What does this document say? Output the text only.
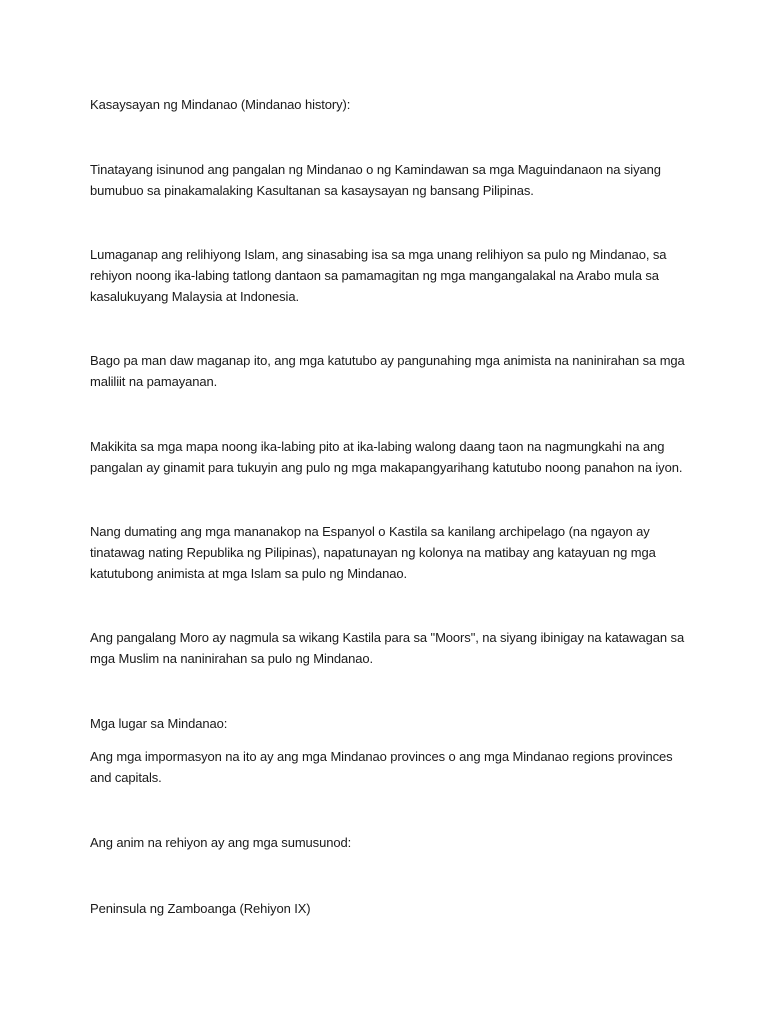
Kasaysayan ng Mindanao (Mindanao history):

Tinatayang isinunod ang pangalan ng Mindanao o ng Kamindawan sa mga Maguindanaon na siyang bumubuo sa pinakamalaking Kasultanan sa kasaysayan ng bansang Pilipinas.

Lumaganap ang relihiyong Islam, ang sinasabing isa sa mga unang relihiyon sa pulo ng Mindanao, sa rehiyon noong ika-labing tatlong dantaon sa pamamagitan ng mga mangangalakal na Arabo mula sa kasalukuyang Malaysia at Indonesia.

Bago pa man daw maganap ito, ang mga katutubo ay pangunahing mga animista na naninirahan sa mga maliliit na pamayanan.

Makikita sa mga mapa noong ika-labing pito at ika-labing walong daang taon na nagmungkahi na ang pangalan ay ginamit para tukuyin ang pulo ng mga makapangyarihang katutubo noong panahon na iyon.

Nang dumating ang mga mananakop na Espanyol o Kastila sa kanilang archipelago (na ngayon ay tinatawag nating Republika ng Pilipinas), napatunayan ng kolonya na matibay ang katayuan ng mga katutubong animista at mga Islam sa pulo ng Mindanao.

Ang pangalang Moro ay nagmula sa wikang Kastila para sa "Moors", na siyang ibinigay na katawagan sa mga Muslim na naninirahan sa pulo ng Mindanao.

Mga lugar sa Mindanao:

Ang mga impormasyon na ito ay ang mga Mindanao provinces o ang mga Mindanao regions provinces and capitals.

Ang anim na rehiyon ay ang mga sumusunod:

Peninsula ng Zamboanga (Rehiyon IX)
